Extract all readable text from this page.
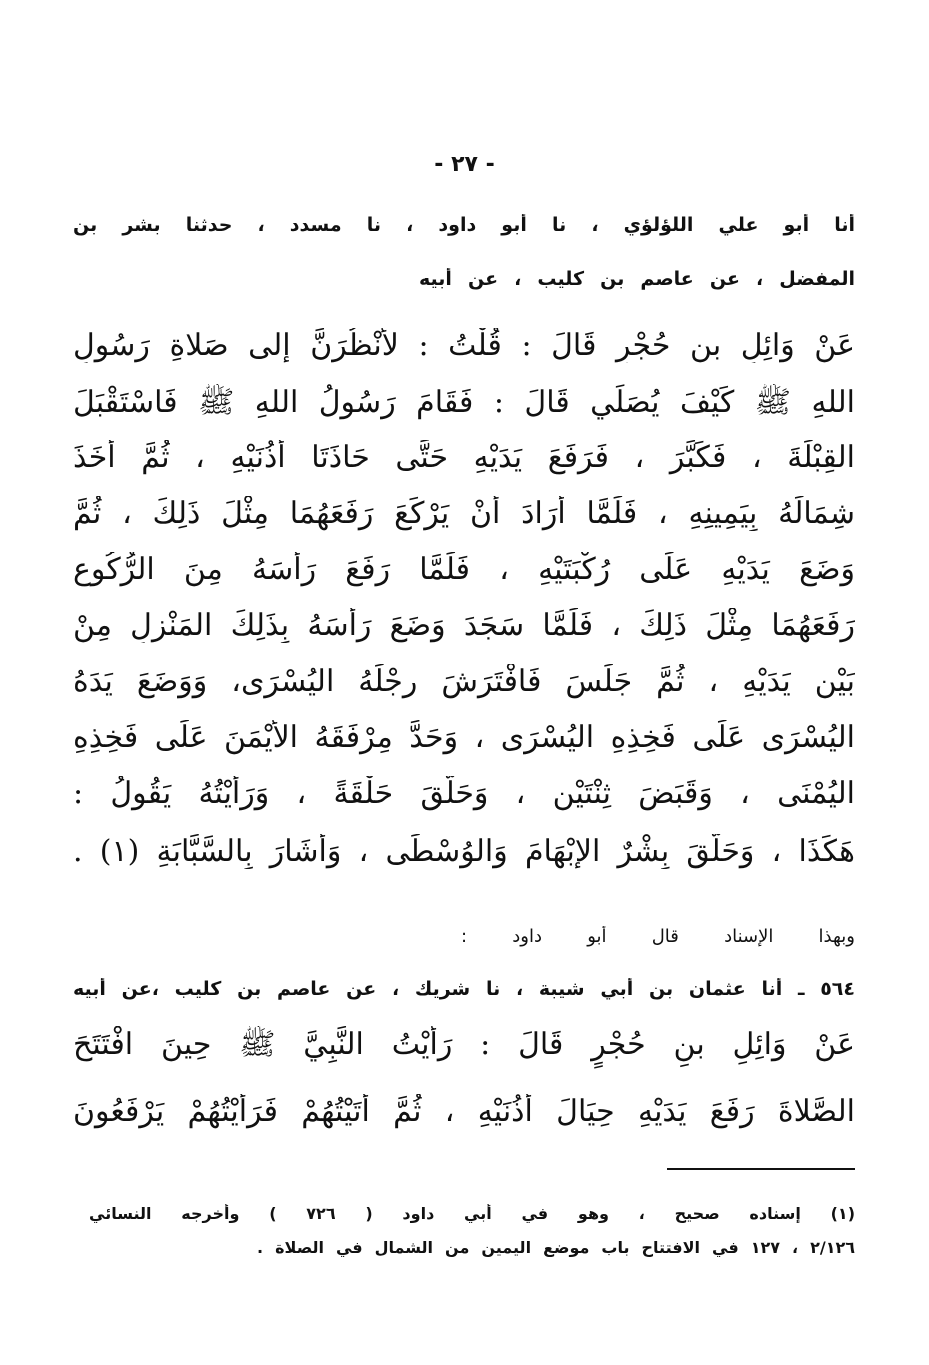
- ٢٧ -
أنا أبو علي اللؤلؤي ، نا أبو داود ، نا مسدد ، حدثنا بشر بن
المفضل ، عن عاصم بن كليب ، عن أبيه
عَنْ وَائِلِ بنِ حُجْرٍ قَالَ : قُلْتُ : لأَنْظُرَنَّ إلى صَلاةِ رَسُولِ
اللهِ ﷺ كَيْفَ يُصَلِّي قَالَ : فَقَامَ رَسُولُ اللهِ ﷺ فَاسْتَقْبَلَ
القِبْلَةَ ، فَكَبَّرَ ، فَرَفَعَ يَدَيْهِ حَتَّى حَاذَتَا أُذُنَيْهِ ، ثُمَّ أَخَذَ
شِمَالَهُ بِيَمِينِهِ ، فَلَمَّا أَرَادَ أَنْ يَرْكَعَ رَفَعَهُمَا مِثْلَ ذَلِكَ ، ثُمَّ
وَضَعَ يَدَيْهِ عَلَى رُكْبَتَيْهِ ، فَلَمَّا رَفَعَ رَأْسَهُ مِنَ الرُّكُوعِ
رَفَعَهُمَا مِثْلَ ذَلِكَ ، فَلَمَّا سَجَدَ وَضَعَ رَأْسَهُ بِذَلِكَ المَنْزِلِ مِنْ
بَيْنِ يَدَيْهِ ، ثُمَّ جَلَسَ فَافْتَرَشَ رِجْلَهُ اليُسْرَى، وَوَضَعَ يَدَهُ
اليُسْرَى عَلَى فَخِذِهِ اليُسْرَى ، وَحَدَّ مِرْفَقَهُ الأَيْمَنَ عَلَى فَخِذِهِ
اليُمْنَى ، وَقَبَضَ ثِنْتَيْنِ ، وَحَلَّقَ حَلْقَةً ، وَرَأَيْتُهُ يَقُولُ :
هَكَذَا ، وَحَلَّقَ بِشْرٌ الإِبْهَامَ وَالوُسْطَى ، وَأَشَارَ بِالسَّبَّابَةِ (١) .
وبهذا الإسناد قال أبو داود :
٥٦٤ ـ أنا عثمان بن أبي شيبة ، نا شريك ، عن عاصم بن كليب ،عن أبيه
عَنْ وَائِلِ بنِ حُجْرٍ قَالَ : رَأَيْتُ النَّبِيَّ ﷺ حِينَ افْتَتَحَ
الصَّلاةَ رَفَعَ يَدَيْهِ حِيَالَ أُذُنَيْهِ ، ثُمَّ أَتَيْتُهُمْ فَرَأَيْتُهُمْ يَرْفَعُونَ
(١) إسناده صحيح ، وهو في أبي داود ( ٧٢٦ ) وأخرجه النسائي
٢/١٢٦ ، ١٢٧ في الافتتاح باب موضع اليمين من الشمال في الصلاة .
